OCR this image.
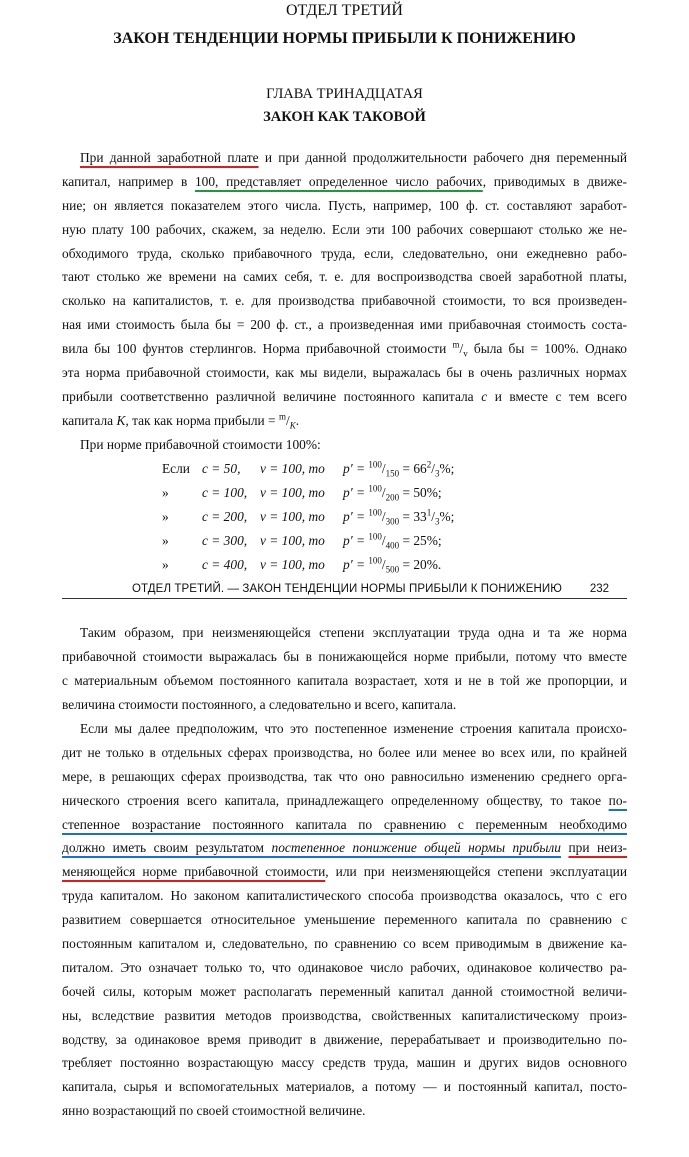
ОТДЕЛ ТРЕТИЙ
ЗАКОН ТЕНДЕНЦИИ НОРМЫ ПРИБЫЛИ К ПОНИЖЕНИЮ
ГЛАВА ТРИНАДЦАТАЯ
ЗАКОН КАК ТАКОВОЙ
При данной заработной плате и при данной продолжительности рабочего дня переменный
капитал, например в 100, представляет определенное число рабочих, приводимых в движе-
ние; он является показателем этого числа. Пусть, например, 100 ф. ст. составляют заработ-
ную плату 100 рабочих, скажем, за неделю. Если эти 100 рабочих совершают столько же не-
обходимого труда, сколько прибавочного труда, если, следовательно, они ежедневно рабо-
тают столько же времени на самих себя, т. е. для воспроизводства своей заработной платы,
сколько на капиталистов, т. е. для производства прибавочной стоимости, то вся произведен-
ная ими стоимость была бы = 200 ф. ст., а произведенная ими прибавочная стоимость соста-
вила бы 100 фунтов стерлингов. Норма прибавочной стоимости $^m/_v$ была бы = 100%. Однако
эта норма прибавочной стоимости, как мы видели, выражалась бы в очень различных нормах
прибыли соответственно различной величине постоянного капитала c и вместе с тем всего
капитала K, так как норма прибыли = $^m/_K$.
При норме прибавочной стоимости 100%:
Если c = 50, v = 100, то $p' = ^{100}/_{150} = 66^2/_3\%$;
» c = 100, v = 100, то $p' = ^{100}/_{200} = 50\%$;
» c = 200, v = 100, то $p' = ^{100}/_{300} = 33^1/_3\%$;
» c = 300, v = 100, то $p' = ^{100}/_{400} = 25\%$;
» c = 400, v = 100, то $p' = ^{100}/_{500} = 20\%$.
ОТДЕЛ ТРЕТИЙ. — ЗАКОН ТЕНДЕНЦИИ НОРМЫ ПРИБЫЛИ К ПОНИЖЕНИЮ 232
Таким образом, при неизменяющейся степени эксплуатации труда одна и та же норма
прибавочной стоимости выражалась бы в понижающейся норме прибыли, потому что вместе
с материальным объемом постоянного капитала возрастает, хотя и не в той же пропорции, и
величина стоимости постоянного, а следовательно и всего, капитала.
Если мы далее предположим, что это постепенное изменение строения капитала происхо-
дит не только в отдельных сферах производства, но более или менее во всех или, по крайней
мере, в решающих сферах производства, так что оно равносильно изменению среднего орга-
нического строения всего капитала, принадлежащего определенному обществу, то такое по-
степенное возрастание постоянного капитала по сравнению с переменным необходимо
должно иметь своим результатом постепенное понижение общей нормы прибыли при неиз-
меняющейся норме прибавочной стоимости, или при неизменяющейся степени эксплуатации
труда капиталом. Но законом капиталистического способа производства оказалось, что с его
развитием совершается относительное уменьшение переменного капитала по сравнению с
постоянным капиталом и, следовательно, по сравнению со всем приводимым в движение ка-
питалом. Это означает только то, что одинаковое число рабочих, одинаковое количество ра-
бочей силы, которым может располагать переменный капитал данной стоимостной величи-
ны, вследствие развития методов производства, свойственных капиталистическому произ-
водству, за одинаковое время приводит в движение, перерабатывает и производительно по-
требляет постоянно возрастающую массу средств труда, машин и других видов основного
капитала, сырья и вспомогательных материалов, а потому — и постоянный капитал, посто-
янно возрастающий по своей стоимостной величине.
